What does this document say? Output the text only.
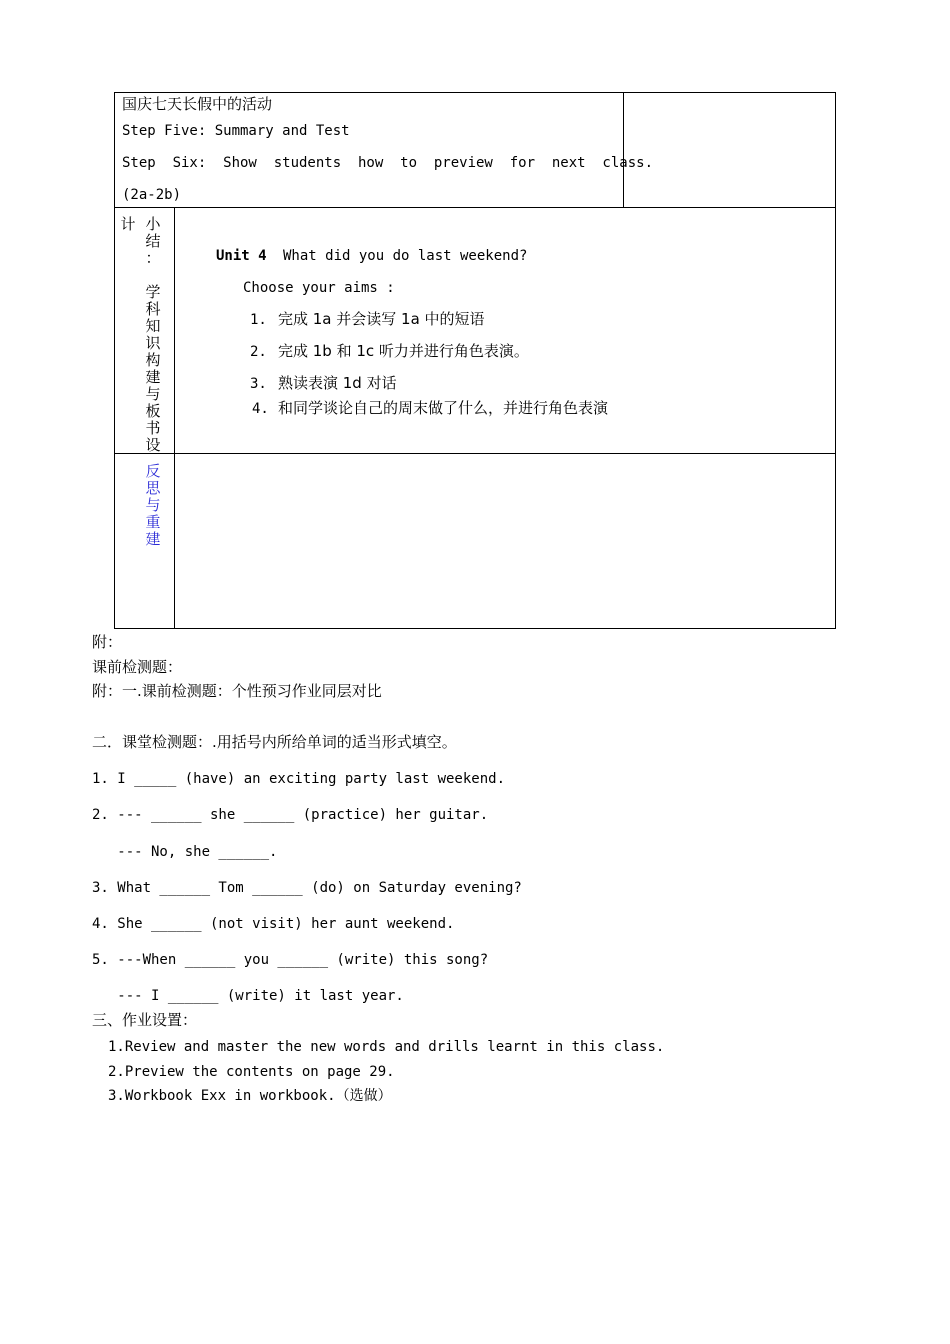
国庆七天长假中的活动
Step Five: Summary and Test
Step  Six:  Show  students  how  to  preview  for  next  class.
(2a-2b)
计 小
结
：

学
科
知
识
构
建
与
板
书
设
反
思
与
重
建
Unit 4 What did you do last weekend?
Choose your aims :
1. 完成 1a 并会读写 1a 中的短语
2. 完成 1b 和 1c 听力并进行角色表演。
3. 熟读表演 1d 对话
4. 和同学谈论自己的周末做了什么，并进行角色表演
附：
课前检测题：
附：一.课前检测题：个性预习作业同层对比
二．课堂检测题：.用括号内所给单词的适当形式填空。
1. I _____ (have) an exciting party last weekend.
2. --- ______ she ______ (practice) her guitar.
--- No, she ______.
3. What ______ Tom ______ (do) on Saturday evening?
4. She ______ (not visit) her aunt weekend.
5. ---When ______ you ______ (write) this song?
--- I ______ (write) it last year.
三、作业设置：
1.Review and master the new words and drills learnt in this class.
2.Preview the contents on page 29.
3.Workbook Exx in workbook.（选做）
